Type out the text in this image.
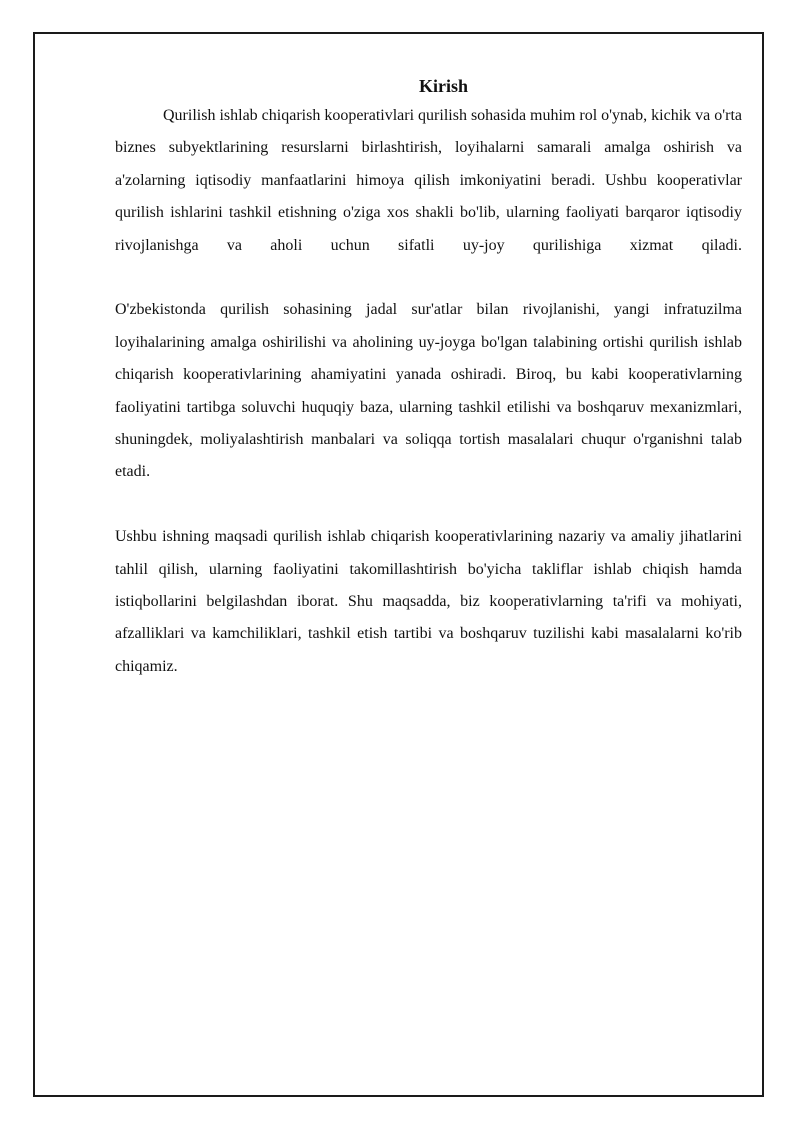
Kirish

Qurilish ishlab chiqarish kooperativlari qurilish sohasida muhim rol o'ynab, kichik va o'rta biznes subyektlarining resurslarni birlashtirish, loyihalarni samarali amalga oshirish va a'zolarning iqtisodiy manfaatlarini himoya qilish imkoniyatini beradi. Ushbu kooperativlar qurilish ishlarini tashkil etishning o'ziga xos shakli bo'lib, ularning faoliyati barqaror iqtisodiy rivojlanishga va aholi uchun sifatli uy-joy qurilishiga xizmat qiladi.

O'zbekistonda qurilish sohasining jadal sur'atlar bilan rivojlanishi, yangi infratuzilma loyihalarining amalga oshirilishi va aholining uy-joyga bo'lgan talabining ortishi qurilish ishlab chiqarish kooperativlarining ahamiyatini yanada oshiradi. Biroq, bu kabi kooperativlarning faoliyatini tartibga soluvchi huquqiy baza, ularning tashkil etilishi va boshqaruv mexanizmlari, shuningdek, moliyalashtirish manbalari va soliqqa tortish masalalari chuqur o'rganishni talab etadi.

Ushbu ishning maqsadi qurilish ishlab chiqarish kooperativlarining nazariy va amaliy jihatlarini tahlil qilish, ularning faoliyatini takomillashtirish bo'yicha takliflar ishlab chiqish hamda istiqbollarini belgilashdan iborat. Shu maqsadda, biz kooperativlarning ta'rifi va mohiyati, afzalliklari va kamchiliklari, tashkil etish tartibi va boshqaruv tuzilishi kabi masalalarni ko'rib chiqamiz.
